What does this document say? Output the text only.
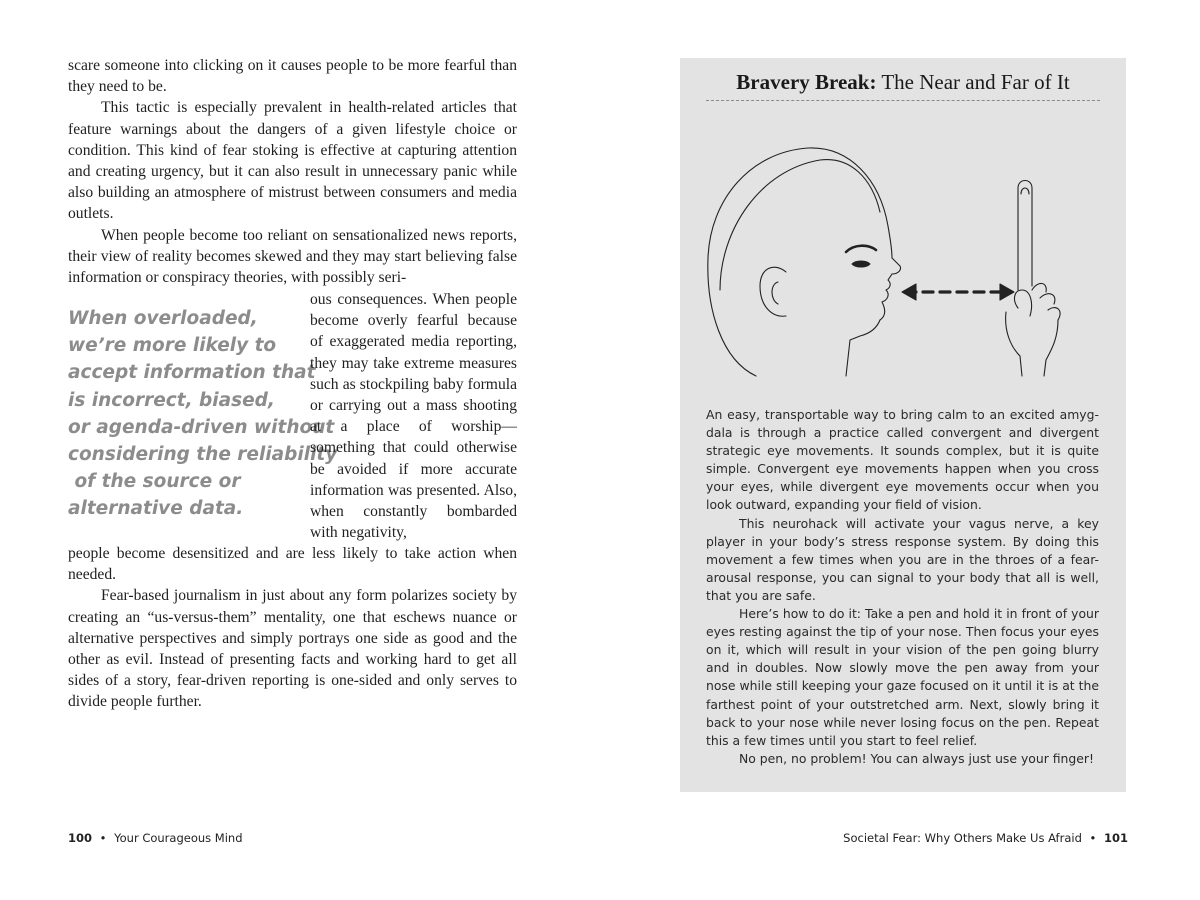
scare someone into clicking on it causes people to be more fearful than they need to be.

This tactic is especially prevalent in health-related articles that feature warnings about the dangers of a given lifestyle choice or condition. This kind of fear stoking is effective at capturing attention and creating urgency, but it can also result in unnecessary panic while also building an atmosphere of mistrust between consumers and media outlets.

When people become too reliant on sensationalized news reports, their view of reality becomes skewed and they may start believing false information or conspiracy theories, with possibly seri-

When overloaded,
we’re more likely to
accept information that
is incorrect, biased,
or agenda-driven without
considering the reliability
of the source or
alternative data.

ous consequences. When people become overly fearful because of exaggerated media reporting, they may take extreme measures such as stockpiling baby formula or carrying out a mass shooting at a place of worship—something that could otherwise be avoided if more accurate information was presented. Also, when constantly bombarded with negativity,

people become desensitized and are less likely to take action when needed.

Fear-based journalism in just about any form polarizes society by creating an “us-versus-them” mentality, one that eschews nuance or alternative perspectives and simply portrays one side as good and the other as evil. Instead of presenting facts and working hard to get all sides of a story, fear-driven reporting is one-sided and only serves to divide people further.

100 • Your Courageous Mind
Bravery Break: The Near and Far of It

An easy, transportable way to bring calm to an excited amygdala is through a practice called convergent and divergent strategic eye movements. It sounds complex, but it is quite simple. Convergent eye movements happen when you cross your eyes, while divergent eye movements occur when you look outward, expanding your field of vision.

This neurohack will activate your vagus nerve, a key player in your body’s stress response system. By doing this movement a few times when you are in the throes of a fear-arousal response, you can signal to your body that all is well, that you are safe.

Here’s how to do it: Take a pen and hold it in front of your eyes resting against the tip of your nose. Then focus your eyes on it, which will result in your vision of the pen going blurry and in doubles. Now slowly move the pen away from your nose while still keeping your gaze focused on it until it is at the farthest point of your outstretched arm. Next, slowly bring it back to your nose while never losing focus on the pen. Repeat this a few times until you start to feel relief.

No pen, no problem! You can always just use your finger!

Societal Fear: Why Others Make Us Afraid • 101
